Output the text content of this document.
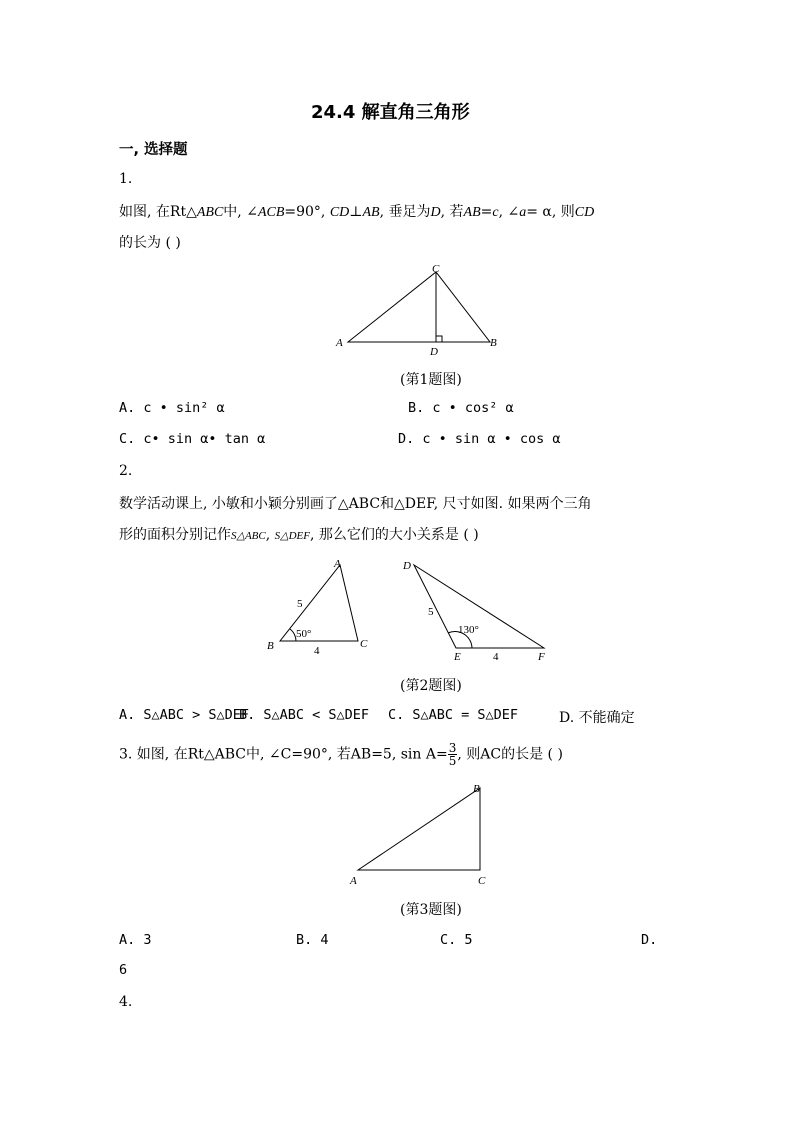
24.4 解直角三角形
一, 选择题
1.
如图, 在Rt△ABC中, ∠ACB=90°, CD⊥AB, 垂足为D, 若AB=c, ∠a= α, 则CD
的长为 ( )
A
C
D
B
(第1题图)
A. c • sin² α	B. c • cos² α
C. c• sin α• tan α	D. c • sin α • cos α
2.
数学活动课上, 小敏和小颖分别画了△ABC和△DEF, 尺寸如图. 如果两个三角
形的面积分别记作S△ABC, S△DEF, 那么它们的大小关系是 ( )
A
B	C
5
4
50°
D
E	F
5
4
130°
(第2题图)
A. S△ABC > S△DEF
B. S△ABC < S△DEF C. S△ABC = S△DEF	D. 不能确定
3. 如图, 在Rt△ABC中, ∠C=90°, 若AB=5, $\sin A= \frac{3}{5}$ , 则AC的长是 ( )
B
A	C
(第3题图)
A. 3	B. 4	C. 5	D.
6
4.
